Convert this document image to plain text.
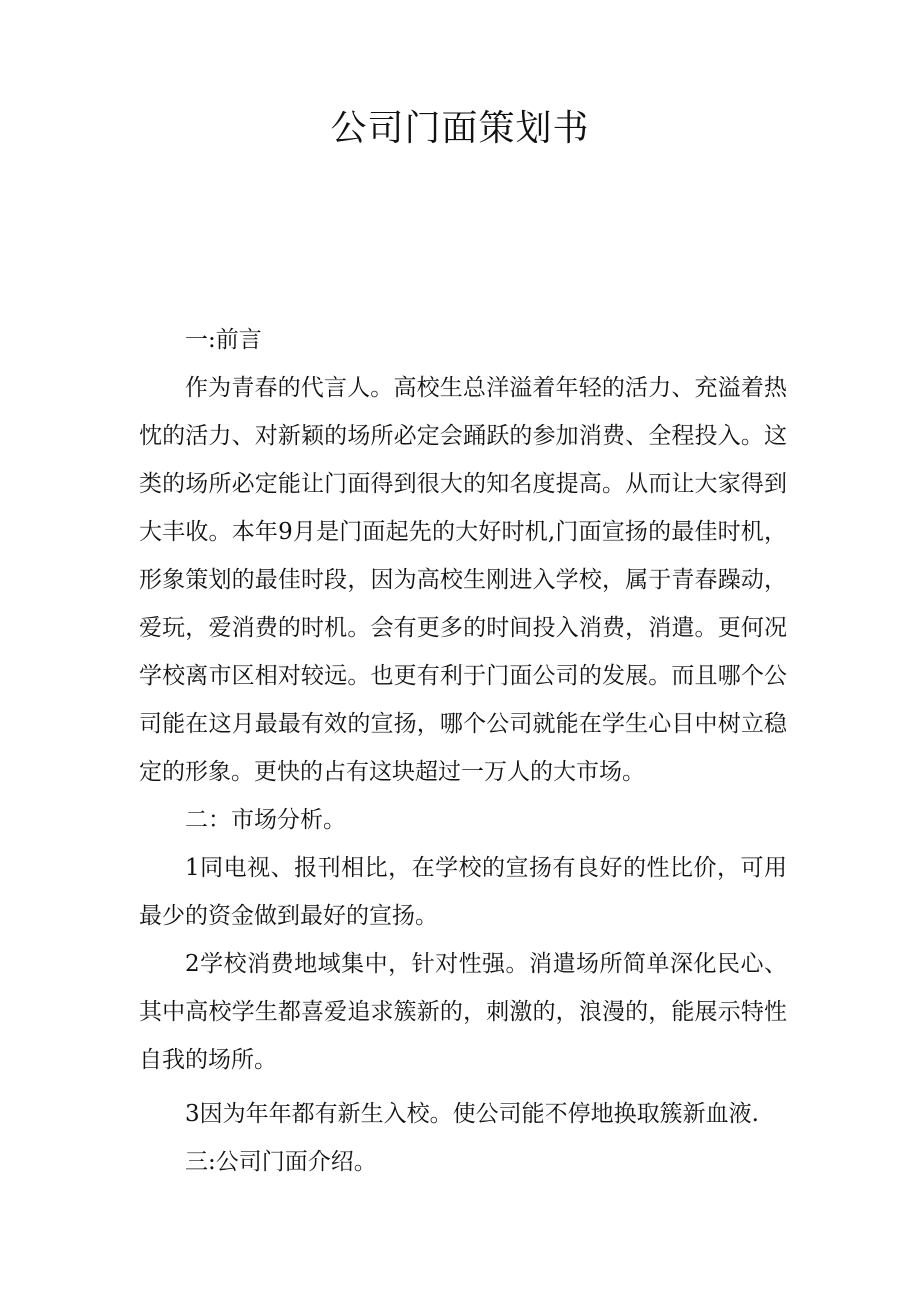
公司门面策划书

一:前言

作为青春的代言人。高校生总洋溢着年轻的活力、充溢着热忱的活力、对新颖的场所必定会踊跃的参加消费、全程投入。这类的场所必定能让门面得到很大的知名度提高。从而让大家得到大丰收。本年9月是门面起先的大好时机,门面宣扬的最佳时机，形象策划的最佳时段，因为高校生刚进入学校，属于青春躁动，爱玩，爱消费的时机。会有更多的时间投入消费，消遣。更何况学校离市区相对较远。也更有利于门面公司的发展。而且哪个公司能在这月最最有效的宣扬，哪个公司就能在学生心目中树立稳定的形象。更快的占有这块超过一万人的大市场。

二：市场分析。

1同电视、报刊相比，在学校的宣扬有良好的性比价，可用最少的资金做到最好的宣扬。

2学校消费地域集中，针对性强。消遣场所简单深化民心、其中高校学生都喜爱追求簇新的，刺激的，浪漫的，能展示特性自我的场所。

3因为年年都有新生入校。使公司能不停地换取簇新血液.

三:公司门面介绍。
